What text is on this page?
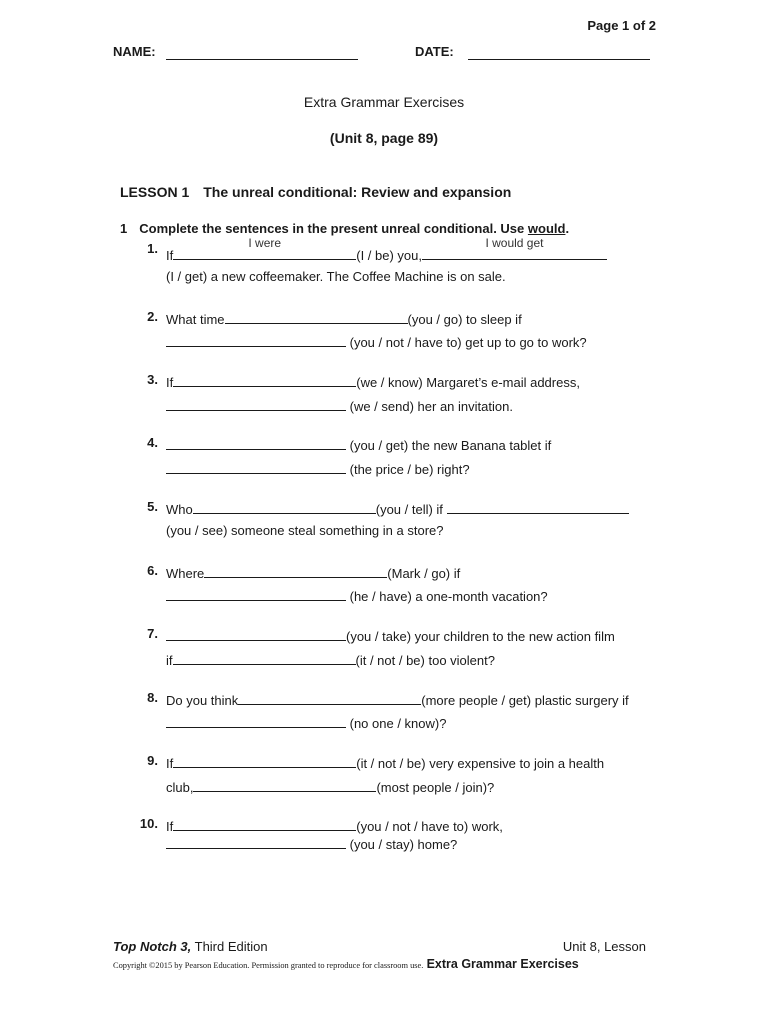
Page 1 of 2
NAME:	DATE:
Extra Grammar Exercises
(Unit 8, page 89)
LESSON 1 The unreal conditional: Review and expansion
1 Complete the sentences in the present unreal conditional. Use would.
1. If
I were
(I / be) you,
I would get
(I / get) a new coffeemaker. The Coffee Machine is on sale.
2. What time	(you / go) to sleep if
(you / not / have to) get up to go to work?
3. If	(we / know) Margaret’s e-mail address,
(we / send) her an invitation.
4.	(you / get) the new Banana tablet if
(the price / be) right?
5. Who	(you / tell) if
(you / see) someone steal something in a store?
6. Where	(Mark / go) if
(he / have) a one-month vacation?
7.	(you / take) your children to the new action film
if	(it / not / be) too violent?
8. Do you think	(more people / get) plastic surgery if
(no one / know)?
9. If	(it / not / be) very expensive to join a health
club,	(most people / join)?
10. If	(you / not / have to) work,
(you / stay) home?
Top Notch 3, Third Edition	Unit 8, Lesson
Copyright ©2015 by Pearson Education. Permission granted to reproduce for classroom use. Extra Grammar Exercises
